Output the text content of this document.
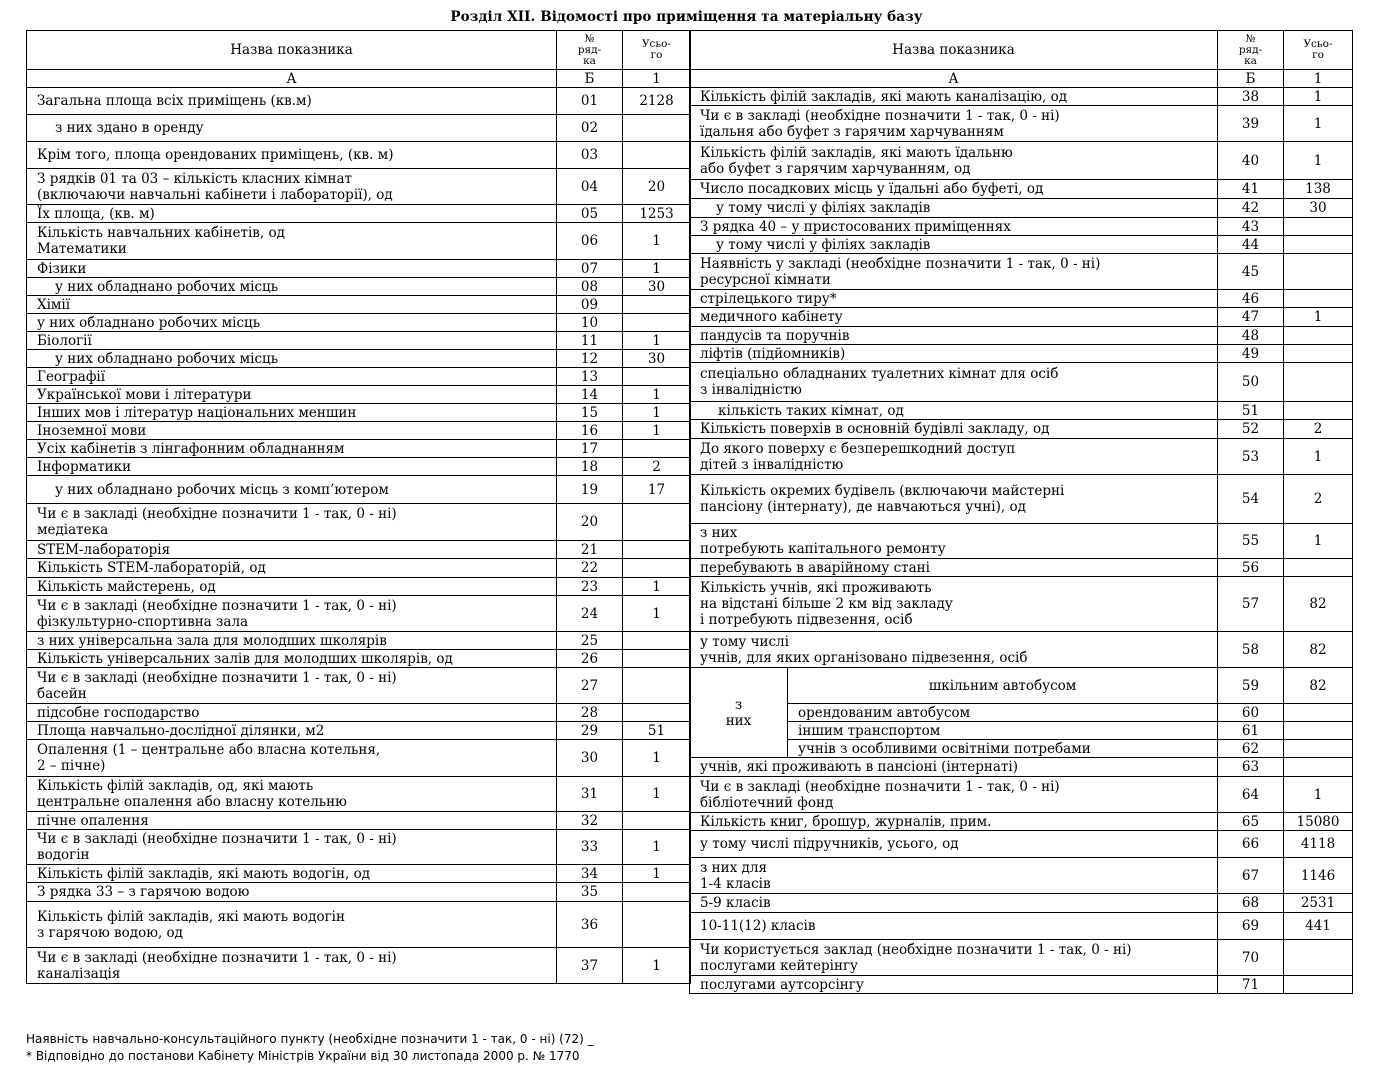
Розділ ХІІ. Відомості про приміщення та матеріальну базу
Назва показника	№
ряд-
ка	Усьо-
го
А	Б	1
Загальна площа всіх приміщень (кв.м)	01	2128
з них здано в оренду	02	
Крім того, площа орендованих приміщень, (кв. м)	03	
З рядків 01 та 03 – кількість класних кімнат
(включаючи навчальні кабінети і лабораторії), од	04	20
Їх площа, (кв. м)	05	1253
Кількість навчальних кабінетів, од
Математики	06	1
Фізики	07	1
у них обладнано робочих місць	08	30
Хімії	09	
у них обладнано робочих місць	10	
Біології	11	1
у них обладнано робочих місць	12	30
Географії	13	
Української мови і літератури	14	1
Інших мов і літератур національних меншин	15	1
Іноземної мови	16	1
Усіх кабінетів з лінгафонним обладнанням	17	
Інформатики	18	2
у них обладнано робочих місць з комп’ютером	19	17
Чи є в закладі (необхідне позначити 1 - так, 0 - ні)
медіатека	20	
STEM-лабораторія	21	
Кількість STEM-лабораторій, од	22	
Кількість майстерень, од	23	1
Чи є в закладі (необхідне позначити 1 - так, 0 - ні)
фізкультурно-спортивна зала	24	1
з них універсальна зала для молодших школярів	25	
Кількість універсальних залів для молодших школярів, од	26	
Чи є в закладі (необхідне позначити 1 - так, 0 - ні)
басейн	27	
підсобне господарство	28	
Площа навчально-дослідної ділянки, м2	29	51
Опалення (1 – центральне або власна котельня,
2 – пічне)	30	1
Кількість філій закладів, од, які мають
центральне опалення або власну котельню	31	1
пічне опалення	32	
Чи є в закладі (необхідне позначити 1 - так, 0 - ні)
водогін	33	1
Кількість філій закладів, які мають водогін, од	34	1
З рядка 33 – з гарячою водою	35	
Кількість філій закладів, які мають водогін
з гарячою водою, од	36	
Чи є в закладі (необхідне позначити 1 - так, 0 - ні)
каналізація	37	1
Назва показника		№
ряд-
ка	Усьо-
го
А		Б	1
Кількість філій закладів, які мають каналізацію, од		38	1
Чи є в закладі (необхідне позначити 1 - так, 0 - ні)
їдальня або буфет з гарячим харчуванням		39	1
Кількість філій закладів, які мають їдальню
або буфет з гарячим харчуванням, од		40	1
Число посадкових місць у їдальні або буфеті, од		41	138
у тому числі у філіях закладів		42	30
З рядка 40 – у пристосованих приміщеннях		43	
у тому числі у філіях закладів		44	
Наявність у закладі (необхідне позначити 1 - так, 0 - ні)
ресурсної кімнати		45	
стрілецького тиру*		46	
медичного кабінету		47	1
пандусів та поручнів		48	
ліфтів (підйомників)		49	
спеціально обладнаних туалетних кімнат для осіб
з інвалідністю		50	
кількість таких кімнат, од		51	
Кількість поверхів в основній будівлі закладу, од		52	2
До якого поверху є безперешкодний доступ
дітей з інвалідністю		53	1
Кількість окремих будівель (включаючи майстерні
пансіону (інтернату), де навчаються учні), од		54	2
з них
потребують капітального ремонту		55	1
перебувають в аварійному стані		56	
Кількість учнів, які проживають
на відстані більше 2 км від закладу
і потребують підвезення, осіб		57	82
у тому числі
учнів, для яких організовано підвезення, осіб		58	82
з
них	шкільним автобусом	59	82
	орендованим автобусом	60	
	іншим транспортом	61	
	учнів з особливими освітніми потребами	62	
учнів, які проживають в пансіоні (інтернаті)		63	
Чи є в закладі (необхідне позначити 1 - так, 0 - ні)
бібліотечний фонд		64	1
Кількість книг, брошур, журналів, прим.		65	15080
у тому числі підручників, усього, од		66	4118
з них для
1-4 класів		67	1146
5-9 класів		68	2531
10-11(12) класів		69	441
Чи користується заклад (необхідне позначити 1 - так, 0 - ні)
послугами кейтерінгу		70	
послугами аутсорсінгу		71	
Наявність навчально-консультаційного пункту (необхідне позначити 1 - так, 0 - ні) (72) _
* Відповідно до постанови Кабінету Міністрів України від 30 листопада 2000 р. № 1770
